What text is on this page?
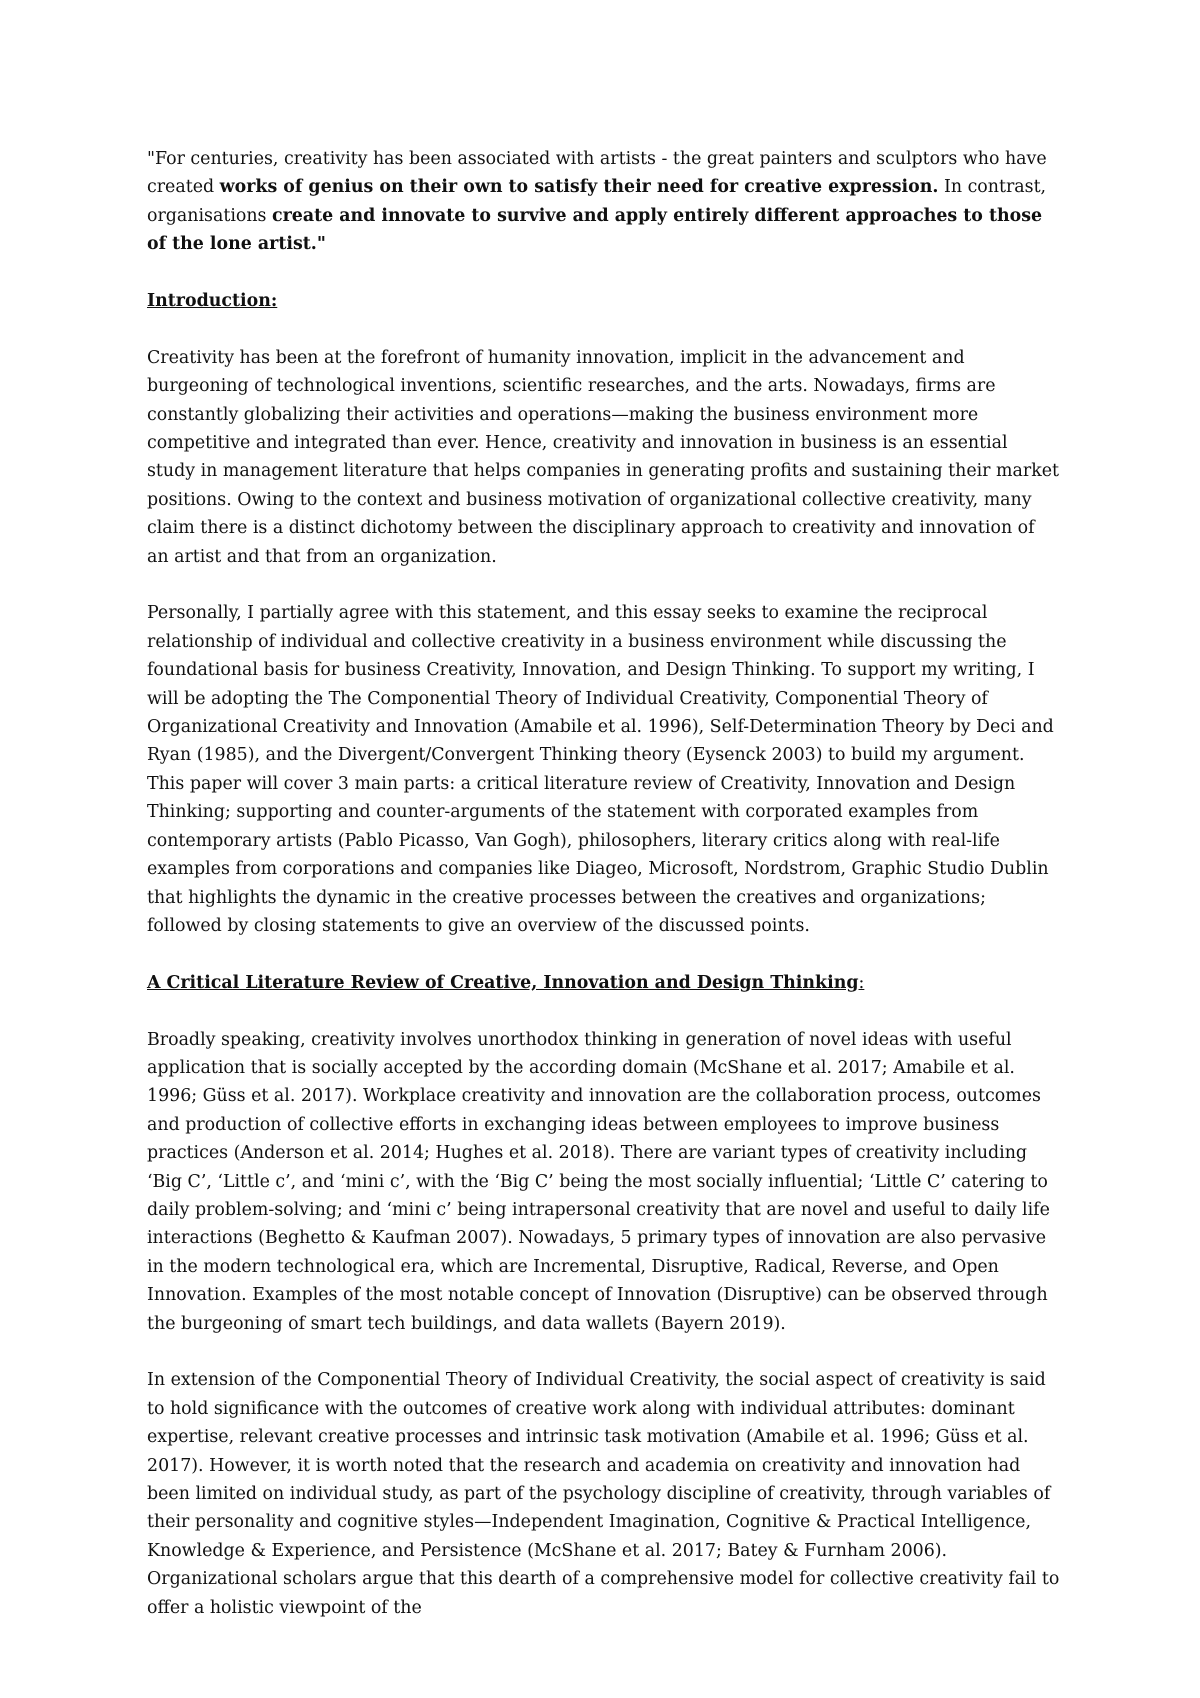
"For centuries, creativity has been associated with artists - the great painters and sculptors who have created works of genius on their own to satisfy their need for creative expression. In contrast, organisations create and innovate to survive and apply entirely different approaches to those of the lone artist."

Introduction:

Creativity has been at the forefront of humanity innovation, implicit in the advancement and burgeoning of technological inventions, scientific researches, and the arts. Nowadays, firms are constantly globalizing their activities and operations—making the business environment more competitive and integrated than ever. Hence, creativity and innovation in business is an essential study in management literature that helps companies in generating profits and sustaining their market positions. Owing to the context and business motivation of organizational collective creativity, many claim there is a distinct dichotomy between the disciplinary approach to creativity and innovation of an artist and that from an organization.

Personally, I partially agree with this statement, and this essay seeks to examine the reciprocal relationship of individual and collective creativity in a business environment while discussing the foundational basis for business Creativity, Innovation, and Design Thinking. To support my writing, I will be adopting the The Componential Theory of Individual Creativity, Componential Theory of Organizational Creativity and Innovation (Amabile et al. 1996), Self-Determination Theory by Deci and Ryan (1985), and the Divergent/Convergent Thinking theory (Eysenck 2003) to build my argument. This paper will cover 3 main parts: a critical literature review of Creativity, Innovation and Design Thinking; supporting and counter-arguments of the statement with corporated examples from contemporary artists (Pablo Picasso, Van Gogh), philosophers, literary critics along with real-life examples from corporations and companies like Diageo, Microsoft, Nordstrom, Graphic Studio Dublin that highlights the dynamic in the creative processes between the creatives and organizations; followed by closing statements to give an overview of the discussed points.

A Critical Literature Review of Creative, Innovation and Design Thinking:

Broadly speaking, creativity involves unorthodox thinking in generation of novel ideas with useful application that is socially accepted by the according domain (McShane et al. 2017; Amabile et al. 1996; Güss et al. 2017). Workplace creativity and innovation are the collaboration process, outcomes and production of collective efforts in exchanging ideas between employees to improve business practices (Anderson et al. 2014; Hughes et al. 2018). There are variant types of creativity including ‘Big C’, ‘Little c’, and ‘mini c’, with the ‘Big C’ being the most socially influential; ‘Little C’ catering to daily problem-solving; and ‘mini c’ being intrapersonal creativity that are novel and useful to daily life interactions (Beghetto & Kaufman 2007). Nowadays, 5 primary types of innovation are also pervasive in the modern technological era, which are Incremental, Disruptive, Radical, Reverse, and Open Innovation. Examples of the most notable concept of Innovation (Disruptive) can be observed through the burgeoning of smart tech buildings, and data wallets (Bayern 2019).

In extension of the Componential Theory of Individual Creativity, the social aspect of creativity is said to hold significance with the outcomes of creative work along with individual attributes: dominant expertise, relevant creative processes and intrinsic task motivation (Amabile et al. 1996; Güss et al. 2017). However, it is worth noted that the research and academia on creativity and innovation had been limited on individual study, as part of the psychology discipline of creativity, through variables of their personality and cognitive styles—Independent Imagination, Cognitive & Practical Intelligence, Knowledge & Experience, and Persistence (McShane et al. 2017; Batey & Furnham 2006). Organizational scholars argue that this dearth of a comprehensive model for collective creativity fail to offer a holistic viewpoint of the
